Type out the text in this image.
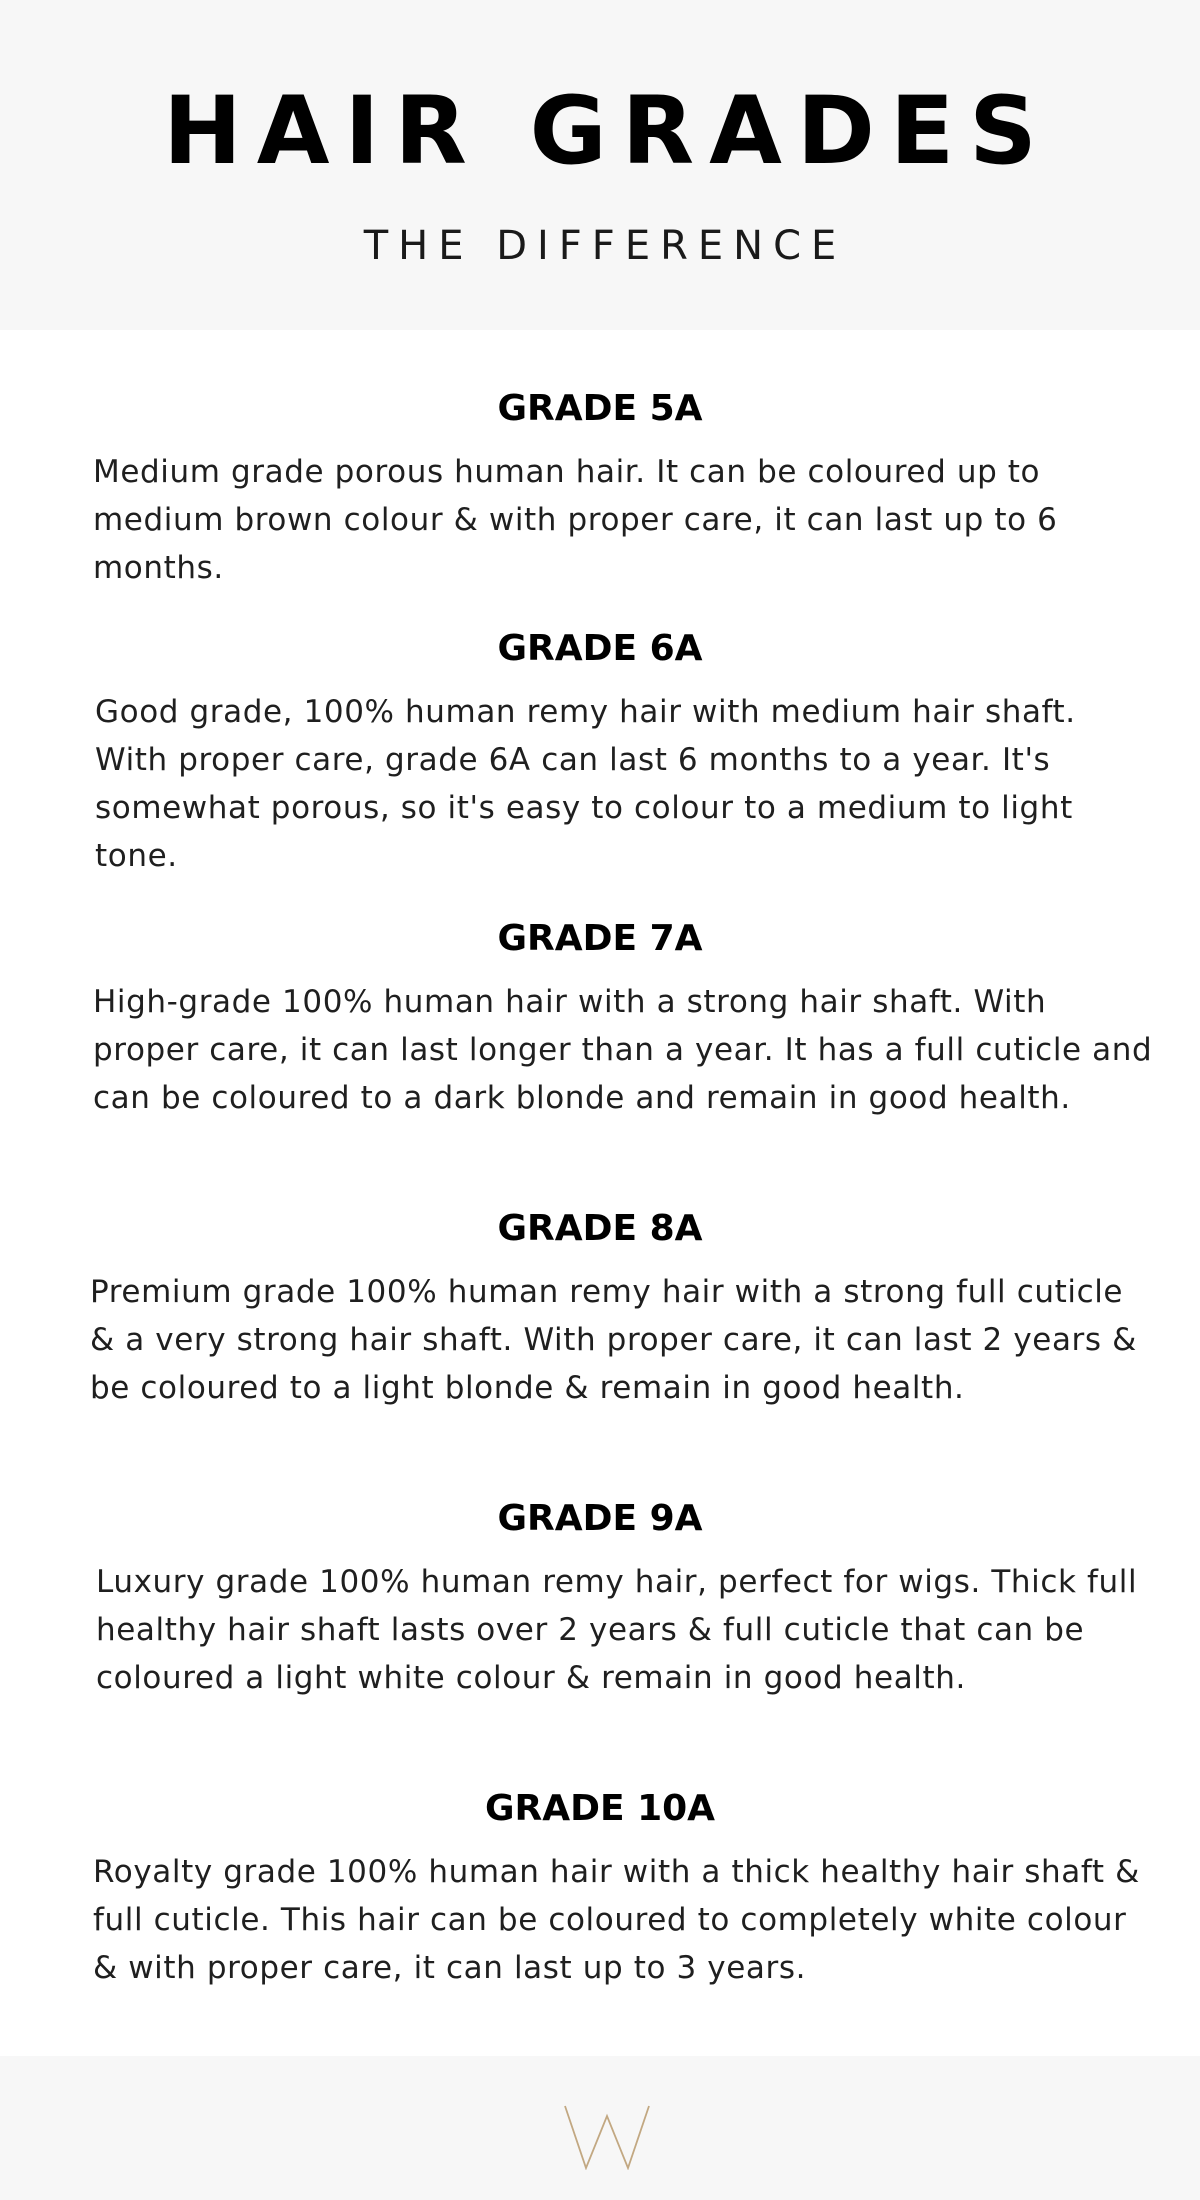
HAIR GRADES
THE DIFFERENCE
GRADE 5A
Medium grade porous human hair. It can be coloured up to medium brown colour & with proper care, it can last up to 6 months.
GRADE 6A
Good grade, 100% human remy hair with medium hair shaft. With proper care, grade 6A can last 6 months to a year. It's somewhat porous, so it's easy to colour to a medium to light tone.
GRADE 7A
High-grade 100% human hair with a strong hair shaft. With proper care, it can last longer than a year. It has a full cuticle and can be coloured to a dark blonde and remain in good health.
GRADE 8A
Premium grade 100% human remy hair with a strong full cuticle & a very strong hair shaft. With proper care, it can last 2 years & be coloured to a light blonde & remain in good health.
GRADE 9A
Luxury grade 100% human remy hair, perfect for wigs. Thick full healthy hair shaft lasts over 2 years & full cuticle that can be coloured a light white colour & remain in good health.
GRADE 10A
Royalty grade 100% human hair with a thick healthy hair shaft & full cuticle. This hair can be coloured to completely white colour & with proper care, it can last up to 3 years.
